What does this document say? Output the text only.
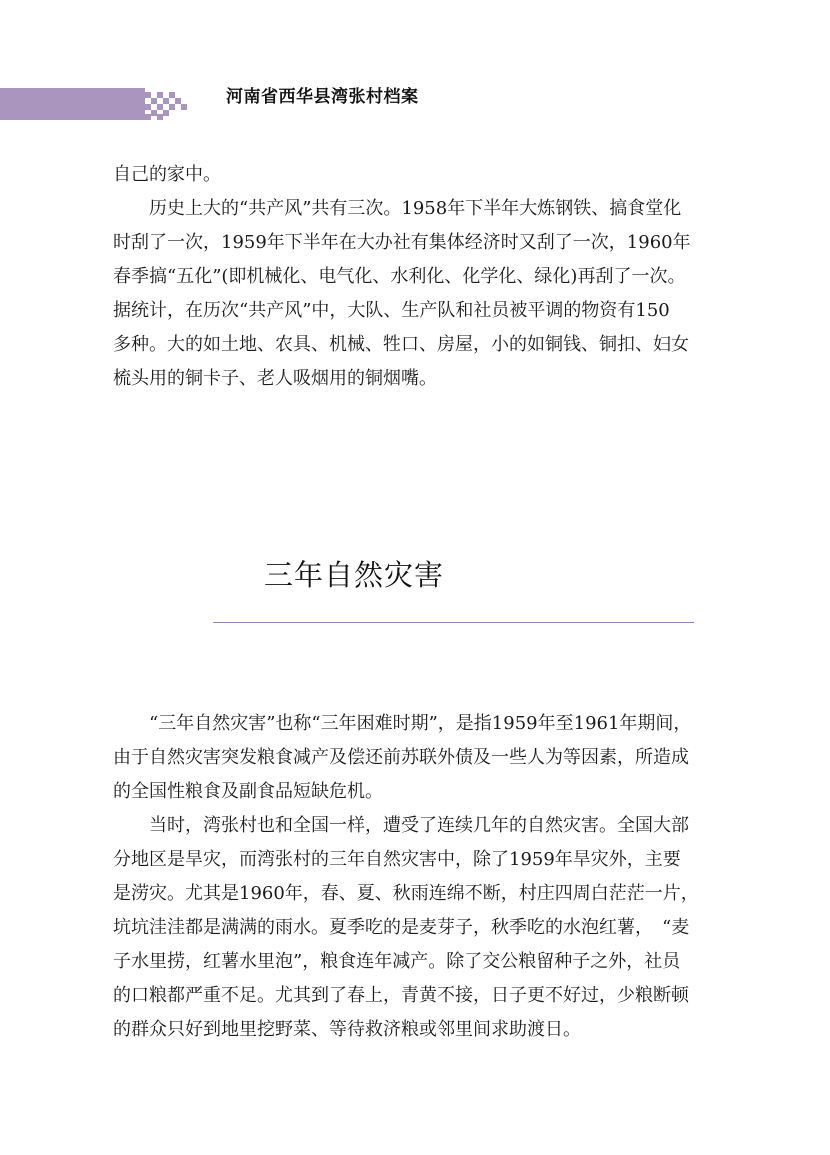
河南省西华县湾张村档案

自己的家中。

　　历史上大的“共产风”共有三次。1958年下半年大炼钢铁、搞食堂化

时刮了一次，1959年下半年在大办社有集体经济时又刮了一次，1960年

春季搞“五化”(即机械化、电气化、水利化、化学化、绿化)再刮了一次。

据统计，在历次“共产风”中，大队、生产队和社员被平调的物资有150

多种。大的如土地、农具、机械、牲口、房屋，小的如铜钱、铜扣、妇女

梳头用的铜卡子、老人吸烟用的铜烟嘴。

三年自然灾害

　　“三年自然灾害”也称“三年困难时期”，是指1959年至1961年期间，

由于自然灾害突发粮食减产及偿还前苏联外债及一些人为等因素，所造成

的全国性粮食及副食品短缺危机。

　　当时，湾张村也和全国一样，遭受了连续几年的自然灾害。全国大部

分地区是旱灾，而湾张村的三年自然灾害中，除了1959年旱灾外，主要

是涝灾。尤其是1960年，春、夏、秋雨连绵不断，村庄四周白茫茫一片，

坑坑洼洼都是满满的雨水。夏季吃的是麦芽子，秋季吃的水泡红薯，　“麦

子水里捞，红薯水里泡”，粮食连年减产。除了交公粮留种子之外，社员

的口粮都严重不足。尤其到了春上，青黄不接，日子更不好过，少粮断顿

的群众只好到地里挖野菜、等待救济粮或邻里间求助渡日。
